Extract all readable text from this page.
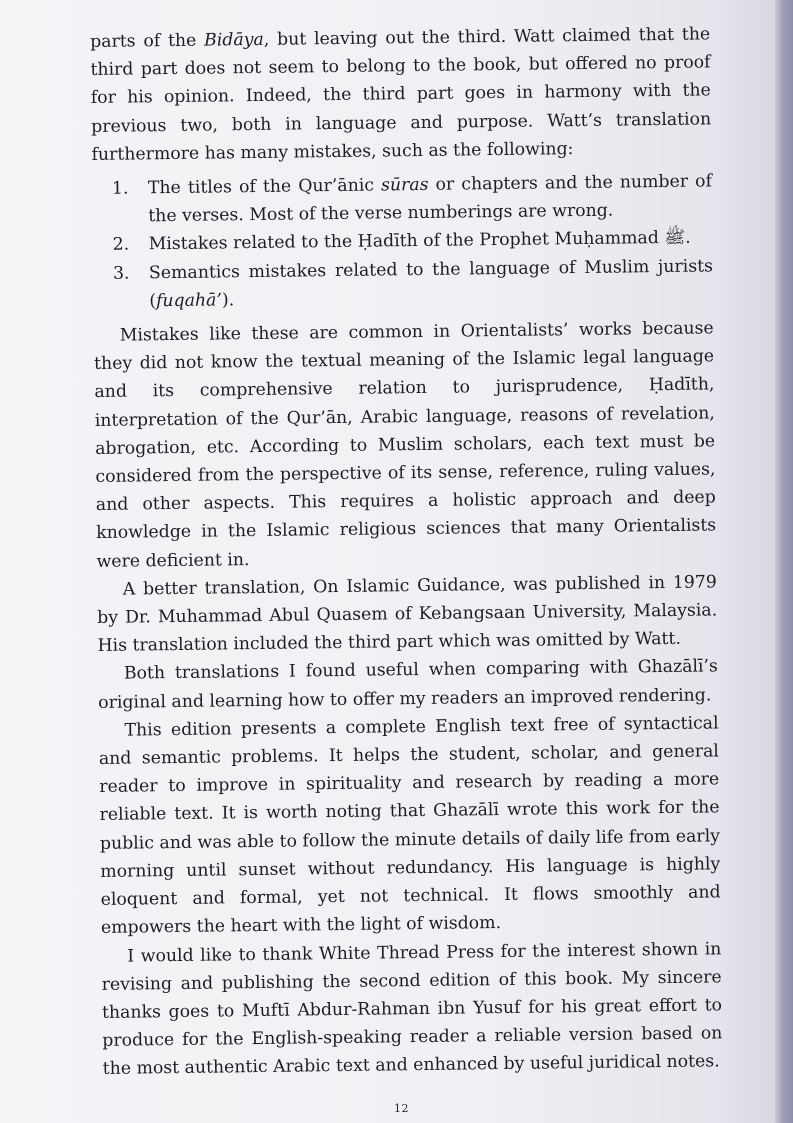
parts of the Bidāya, but leaving out the third. Watt claimed that the third part does not seem to belong to the book, but offered no proof for his opinion. Indeed, the third part goes in harmony with the previous two, both in language and purpose. Watt’s translation furthermore has many mistakes, such as the following:

1. The titles of the Qur’ānic sūras or chapters and the number of the verses. Most of the verse numberings are wrong.
2. Mistakes related to the Ḥadīth of the Prophet Muḥammad ﷺ.
3. Semantics mistakes related to the language of Muslim jurists (fuqahā’).

Mistakes like these are common in Orientalists’ works because they did not know the textual meaning of the Islamic legal language and its comprehensive relation to jurisprudence, Ḥadīth, interpretation of the Qur’ān, Arabic language, reasons of revelation, abrogation, etc. According to Muslim scholars, each text must be considered from the perspective of its sense, reference, ruling values, and other aspects. This requires a holistic approach and deep knowledge in the Islamic religious sciences that many Orientalists were deficient in.

A better translation, On Islamic Guidance, was published in 1979 by Dr. Muhammad Abul Quasem of Kebangsaan University, Malaysia. His translation included the third part which was omitted by Watt.

Both translations I found useful when comparing with Ghazālī’s original and learning how to offer my readers an improved rendering.

This edition presents a complete English text free of syntactical and semantic problems. It helps the student, scholar, and general reader to improve in spirituality and research by reading a more reliable text. It is worth noting that Ghazālī wrote this work for the public and was able to follow the minute details of daily life from early morning until sunset without redundancy. His language is highly eloquent and formal, yet not technical. It flows smoothly and empowers the heart with the light of wisdom.

I would like to thank White Thread Press for the interest shown in revising and publishing the second edition of this book. My sincere thanks goes to Muftī Abdur-Rahman ibn Yusuf for his great effort to produce for the English-speaking reader a reliable version based on the most authentic Arabic text and enhanced by useful juridical notes.

12
